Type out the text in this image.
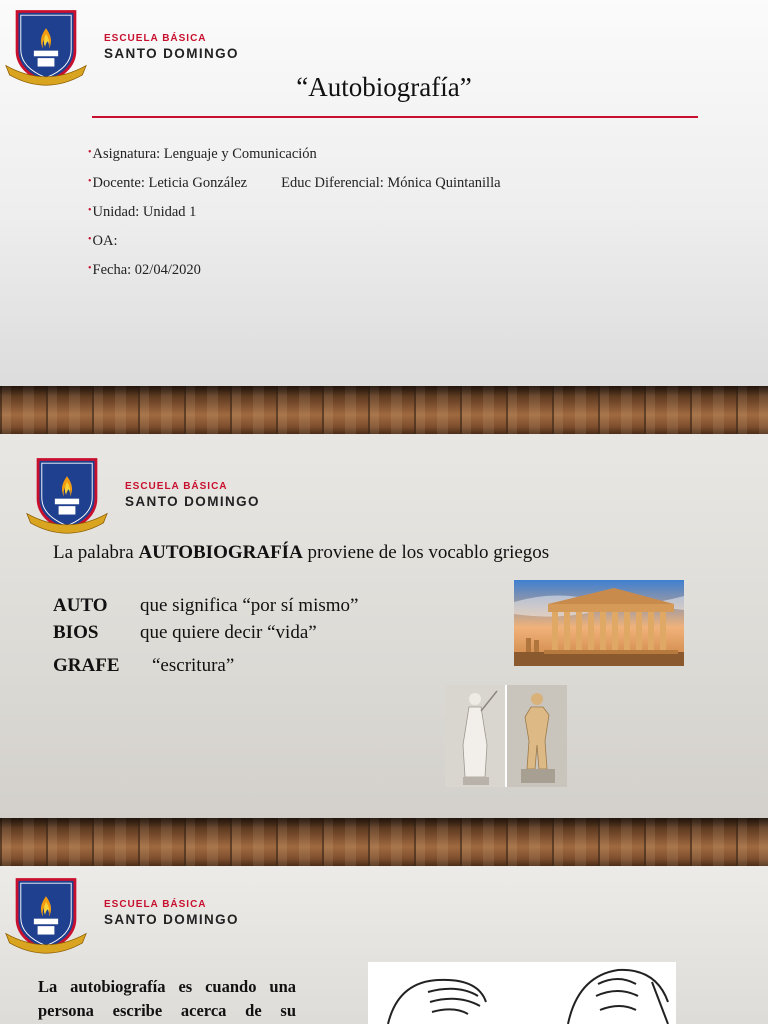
ESCUELA BÁSICA
SANTO DOMINGO
“Autobiografía”
•Asignatura: Lenguaje y Comunicación
•Docente: Leticia González Educ Diferencial: Mónica Quintanilla
•Unidad: Unidad 1
•OA:
•Fecha: 02/04/2020
ESCUELA BÁSICA
SANTO DOMINGO
La palabra AUTOBIOGRAFÍA proviene de los vocablo griegos
AUTO que significa “por sí mismo”
BIOS que quiere decir “vida”
GRAFE “escritura”
ESCUELA BÁSICA
SANTO DOMINGO
La autobiografía es cuando una persona escribe acerca de su
